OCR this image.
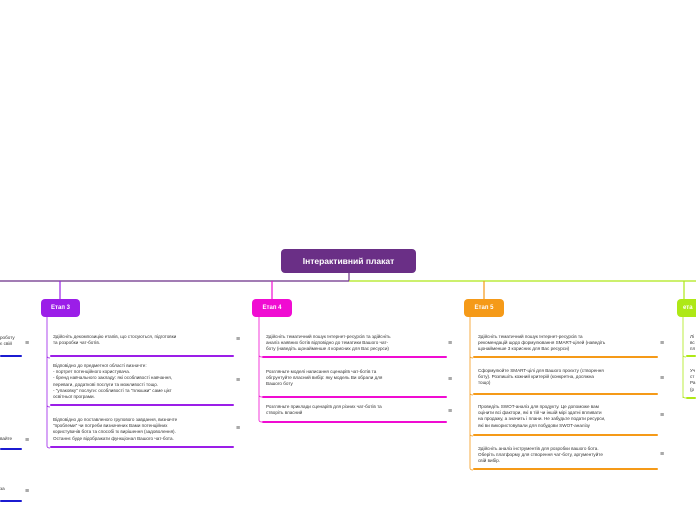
Інтерактивний плакат
Етап 3	Етап 4	Етап 5	ета
роботу
є свій	≡
вайте	≡
за	≡
Здійсніть декомпозицію етапів, що стосуються, підготовки
та розробки чат-ботів.	≡
Відповідно до предметної області визначте:
- портрет потенційного користувача.
- бренд навчального закладу: які особливості навчання,
переваги, додаткові послуги та можливості тощо.
- "упаковку" послуги: особливості та "плюшки" саме цієї
освітньої програми.
≡
Відповідно до поставленого групового завдання, визначте
"проблеми" чи потреби визначених Вами потенційних
користувачів бота та способі їх вирішення (задоволення).
Останнє буде відображати функціонал Вашого чат-бота.
≡
Здійсніть тематичний пошук Інтернет-ресурсів та здійсніть
аналіз наявних ботів відповідно до тематики Вашого чат-
боту (наведіть щонайменше 4 корисних для Вас ресурси)
≡
Розгляньте моделі написання сценаріїв чат-ботів та
обгрунтуйте власний вибір: яку модель Ви обрали для
Вашого боту
≡
Розгляньте приклади сценаріїв для різних чат-ботів та
створіть власний	≡
Здійсніть тематичний пошук Інтернет-ресурсів та
рекомендацій щодо формулювання SMART-цілей (наведіть
щонайменше 3 корисних для Вас ресурси)
≡
Сформулюйте SMART-цілі для Вашого проєкту (створення
боту). Розпишіть кожний критерій (конкретна, досяжна
тощо)
≡
Проведіть SWOT-аналіз для продукту. Це допоможе вам
оцінити всі фактори, які в тій чи іншій мірі здатні впливати
на продажу, а значить і плани. Не забудьте подати ресурси,
які ви використовували для побудови SWOT-аналізу
≡
Здійсніть аналіз інструментів для розробки вашого бота.
Оберіть платформу для створення чат-боту, аргументуйте
свій вибір.
≡
Лі
вс
пл
Уч
ст
Ра
(р
